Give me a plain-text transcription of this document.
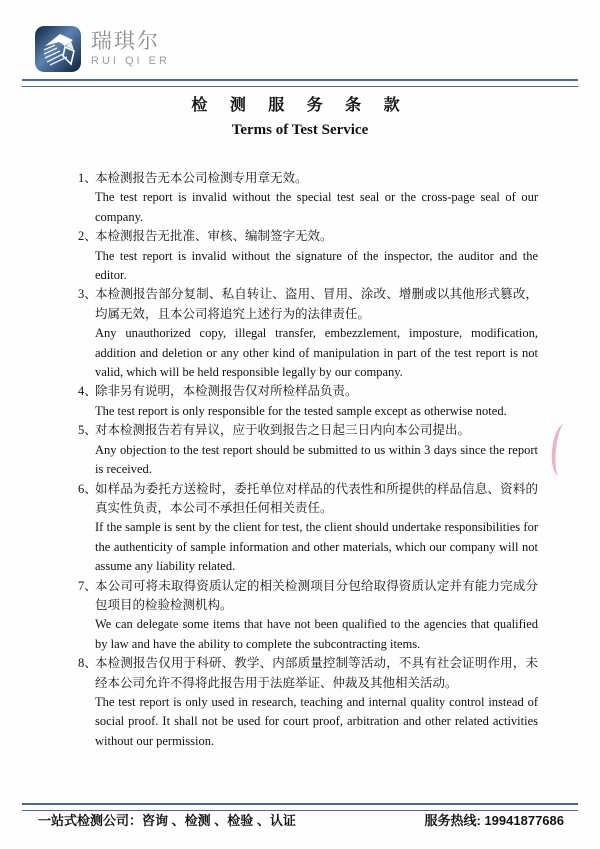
瑞琪尔
RUI QI ER
检 测 服 务 条 款
Terms of Test Service
1、
本检测报告无本公司检测专用章无效。
The test report is invalid without the special test seal or the cross-page seal of our company.
2、
本检测报告无批准、审核、编制签字无效。
The test report is invalid without the signature of the inspector, the auditor and the editor.
3、
本检测报告部分复制、私自转让、盗用、冒用、涂改、增删或以其他形式篡改，均属无效，且本公司将追究上述行为的法律责任。
Any unauthorized copy, illegal transfer, embezzlement, imposture, modification, addition and deletion or any other kind of manipulation in part of the test report is not valid, which will be held responsible legally by our company.
4、
除非另有说明，本检测报告仅对所检样品负责。
The test report is only responsible for the tested sample except as otherwise noted.
5、
对本检测报告若有异议，应于收到报告之日起三日内向本公司提出。
Any objection to the test report should be submitted to us within 3 days since the report is received.
6、
如样品为委托方送检时，委托单位对样品的代表性和所提供的样品信息、资料的真实性负责，本公司不承担任何相关责任。
If the sample is sent by the client for test, the client should undertake responsibilities for the authenticity of sample information and other materials, which our company will not assume any liability related.
7、
本公司可将未取得资质认定的相关检测项目分包给取得资质认定并有能力完成分包项目的检验检测机构。
We can delegate some items that have not been qualified to the agencies that qualified by law and have the ability to complete the subcontracting items.
8、
本检测报告仅用于科研、教学、内部质量控制等活动，不具有社会证明作用，未经本公司允许不得将此报告用于法庭举证、仲裁及其他相关活动。
The test report is only used in research, teaching and internal quality control instead of social proof. It shall not be used for court proof, arbitration and other related activities without our permission.
一站式检测公司：咨询 、检测 、检验 、认证	服务热线: 19941877686
